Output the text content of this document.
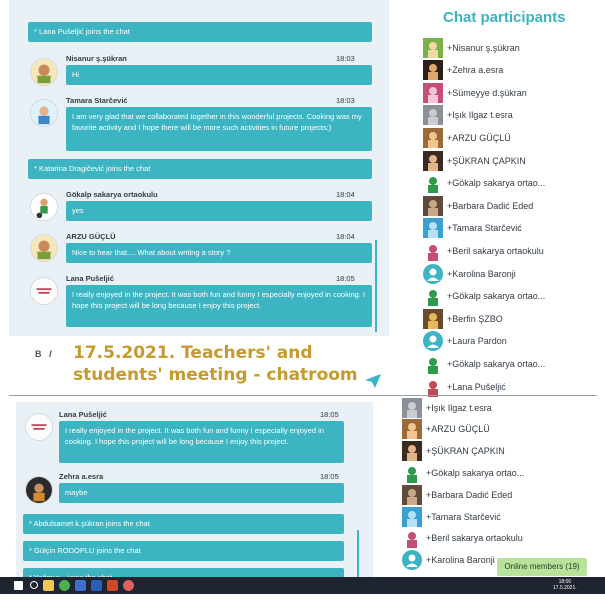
* Lana Pušeljić joins the chat
Nisanur ş.şükran	18:03
Hi
Tamara Starčević	18:03
I am very glad that we collaborated together in this wonderful projects. Cooking was my favorite activity and I hope there will be more such activities in future projects;)
* Katarina Dragičević joins the chat
Gökalp sakarya ortaokulu	18:04
yes
ARZU GÜÇLÜ	18:04
Nice to hear that.... What about writing a story ?
Lana Pušeljić	18:05
I really enjoyed in the project. It was both fun and funny I especially enjoyed in cooking. I hope this project will be long because I enjoy this project.
B I 17.5.2021. Teachers' and
students' meeting - chatroom
Chat participants
+Nisanur ş.şükran
+Zehra a.esra
+Sümeyye d.şükran
+Işık Ilgaz t.esra
+ARZU GÜÇLÜ
+ŞÜKRAN ÇAPKIN
+Gökalp sakarya ortao...
+Barbara Dadić Eded
+Tamara Starčević
+Beril sakarya ortaokulu
+Karolina Baronji
+Gökalp sakarya ortao...
+Berfin ŞZBO
+Laura Pardon
+Gökalp sakarya ortao...
+Lana Pušeljić
Lana Pušeljić	18:05
I really enjoyed in the project. It was both fun and funny I especially enjoyed in cooking. I hope this project will be long because I enjoy this project.
Zehra a.esra	18:05
maybe
* Abdulsamet k.şükran joins the chat
* Gülçin RODOPLU joins the chat
+Işık Ilgaz t.esra
+ARZU GÜÇLÜ
+ŞÜKRAN ÇAPKIN
+Gökalp sakarya ortao...
+Barbara Dadić Eded
+Tamara Starčević
+Beril sakarya ortaokulu
+Karolina Baronji
Online members (19)
18:06
17.5.2021.
